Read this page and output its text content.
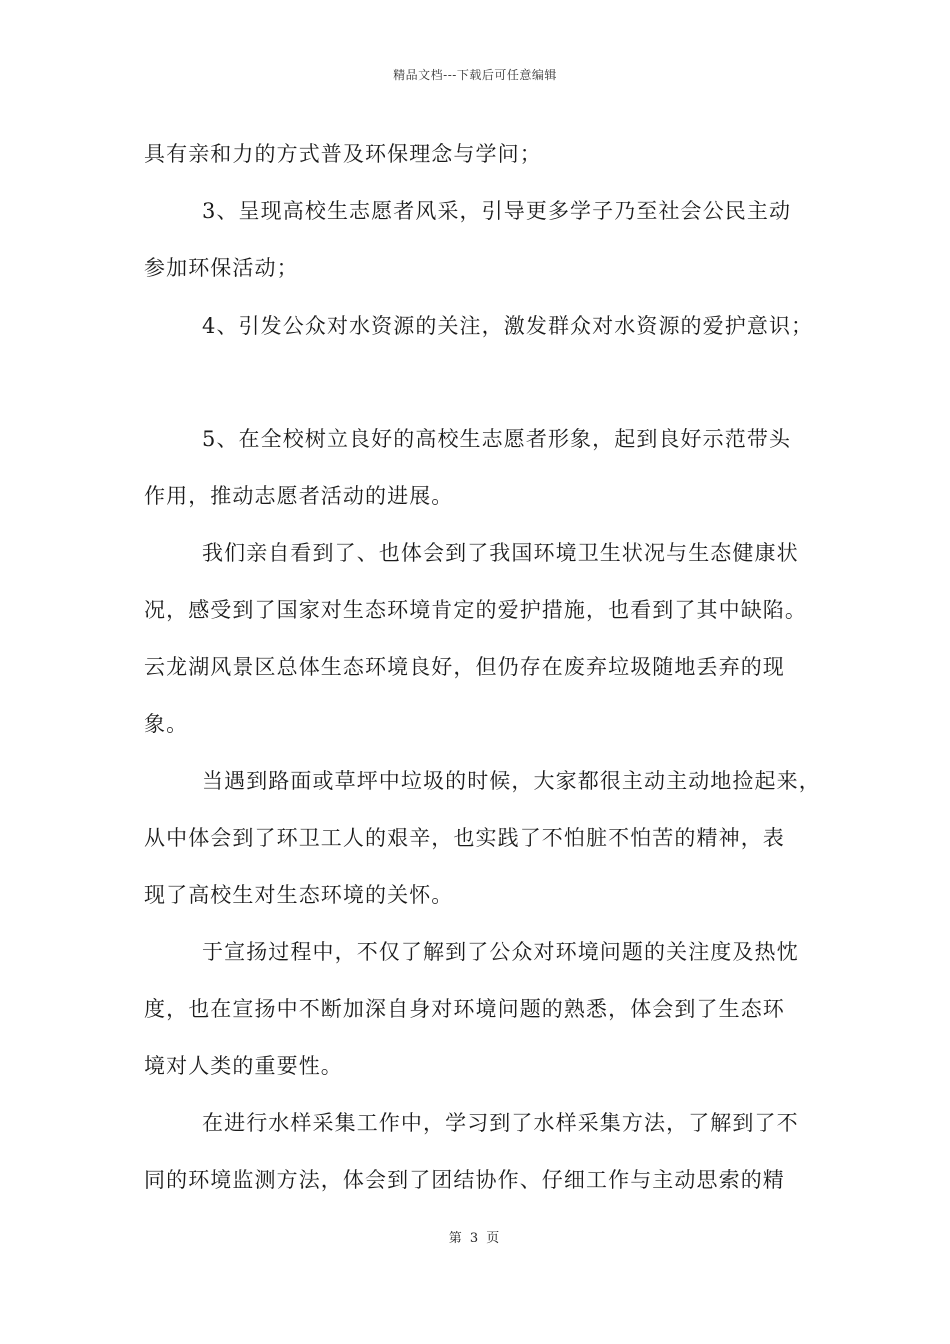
精品文档---下载后可任意编辑
具有亲和力的方式普及环保理念与学问；
3、呈现高校生志愿者风采，引导更多学子乃至社会公民主动
参加环保活动；
4、引发公众对水资源的关注，激发群众对水资源的爱护意识；
5、在全校树立良好的高校生志愿者形象，起到良好示范带头
作用，推动志愿者活动的进展。
我们亲自看到了、也体会到了我国环境卫生状况与生态健康状
况，感受到了国家对生态环境肯定的爱护措施，也看到了其中缺陷。
云龙湖风景区总体生态环境良好，但仍存在废弃垃圾随地丢弃的现
象。
当遇到路面或草坪中垃圾的时候，大家都很主动主动地捡起来，
从中体会到了环卫工人的艰辛，也实践了不怕脏不怕苦的精神，表
现了高校生对生态环境的关怀。
于宣扬过程中，不仅了解到了公众对环境问题的关注度及热忱
度，也在宣扬中不断加深自身对环境问题的熟悉，体会到了生态环
境对人类的重要性。
在进行水样采集工作中，学习到了水样采集方法，了解到了不
同的环境监测方法，体会到了团结协作、仔细工作与主动思索的精
第 3 页
